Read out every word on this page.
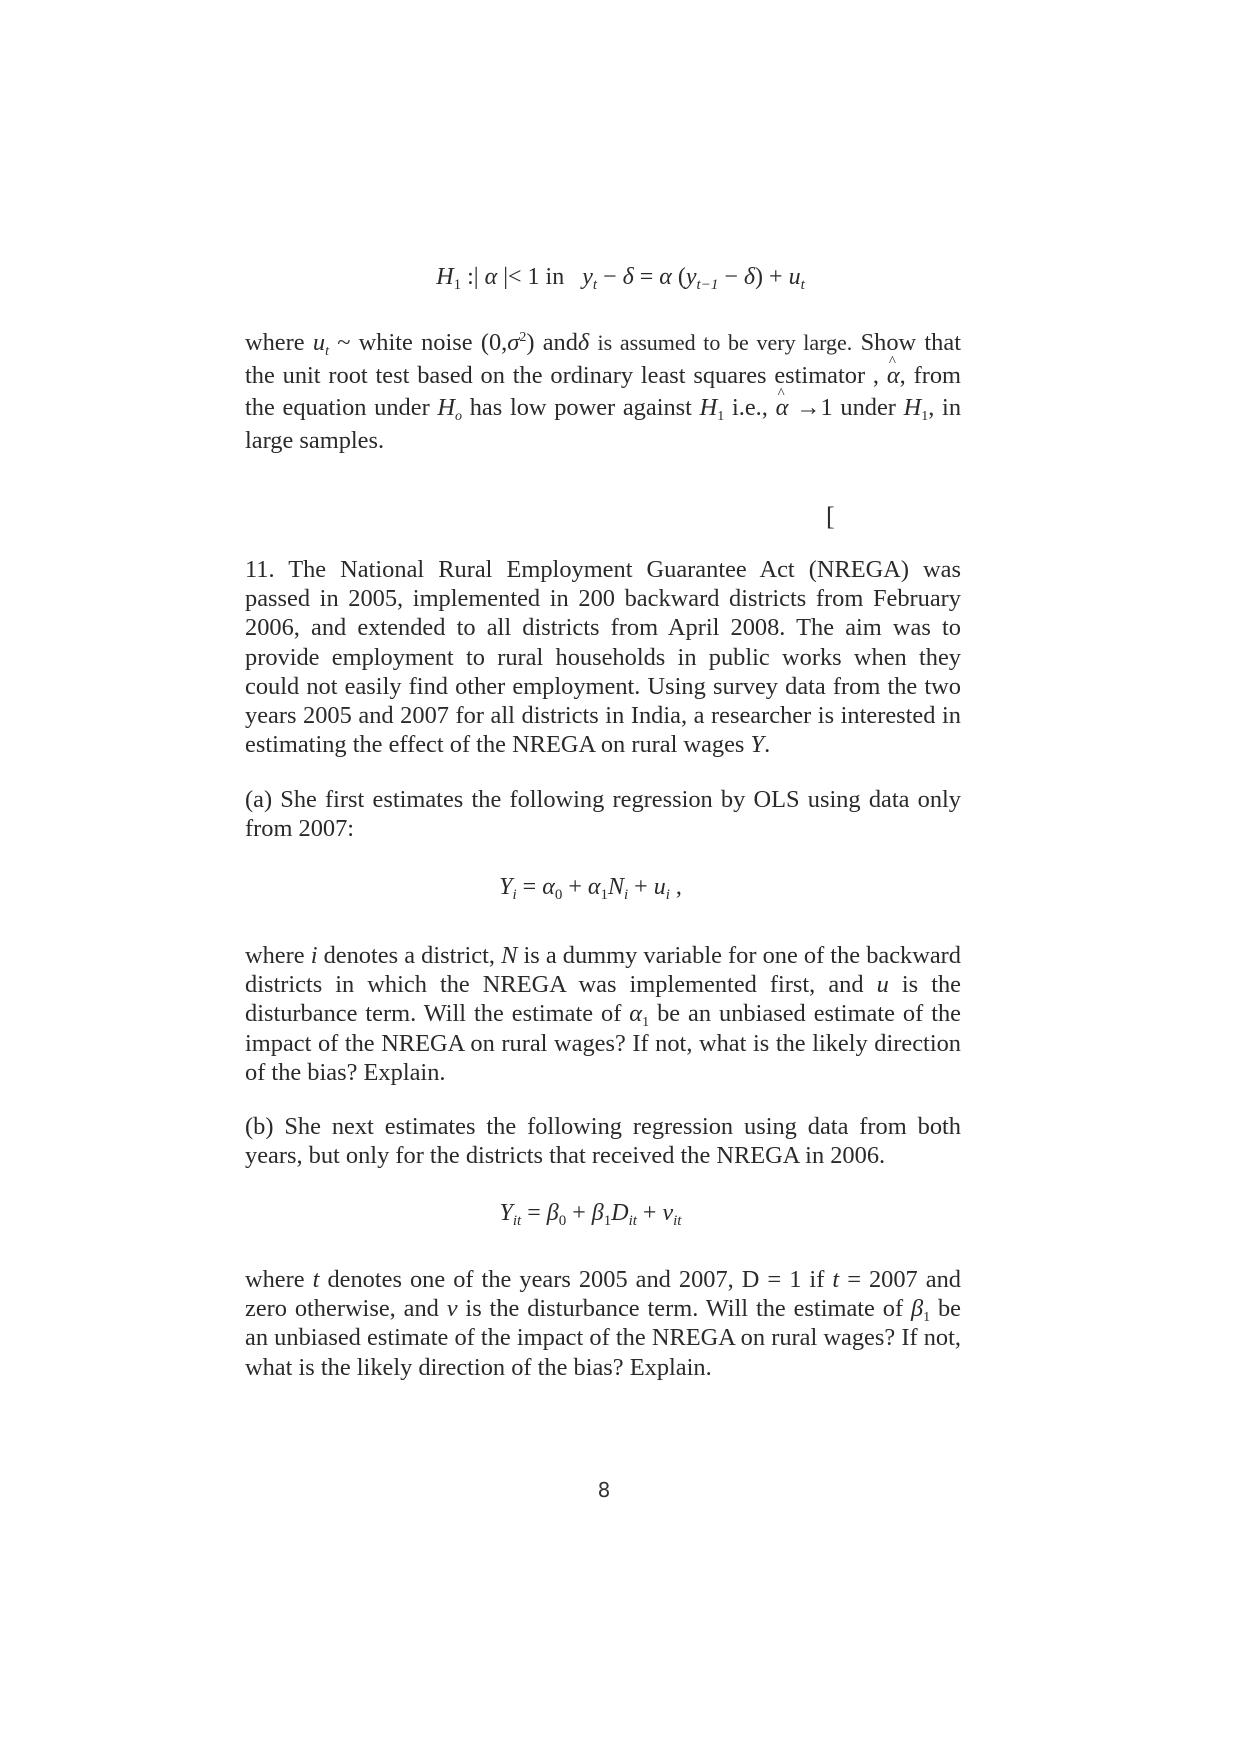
$H_1$ :| α |< 1 in   $y_t - \delta = \alpha$ $(y_{t-1} - \delta) + u_t$

where $u_t$ ~ white noise $(0,\sigma^2)$ andδ is assumed to be very large. Show that the unit root test based on the ordinary least squares estimator , ^ α, from the equation under $H_o$ has low power against $H_1$ i.e., ^ α →1 under $H_1$, in large samples.

[

11. The National Rural Employment Guarantee Act (NREGA) was passed in 2005, implemented in 200 backward districts from February 2006, and extended to all districts from April 2008. The aim was to provide employment to rural households in public works when they could not easily find other employment. Using survey data from the two years 2005 and 2007 for all districts in India, a researcher is interested in estimating the effect of the NREGA on rural wages Y.

(a) She first estimates the following regression by OLS using data only from 2007:

$Y_i = \alpha_0 + \alpha_1N_i + u_i$ ,

where i denotes a district, N is a dummy variable for one of the backward districts in which the NREGA was implemented first, and u is the disturbance term. Will the estimate of $\alpha_1$ be an unbiased estimate of the impact of the NREGA on rural wages? If not, what is the likely direction of the bias? Explain.

(b) She next estimates the following regression using data from both years, but only for the districts that received the NREGA in 2006.

$Y_{it} = \beta_0 + \beta_1D_{it} + v_{it}$

where t denotes one of the years 2005 and 2007, D = 1 if t = 2007 and zero otherwise, and v is the disturbance term. Will the estimate of $\beta_1$ be an unbiased estimate of the impact of the NREGA on rural wages? If not, what is the likely direction of the bias? Explain.

8
